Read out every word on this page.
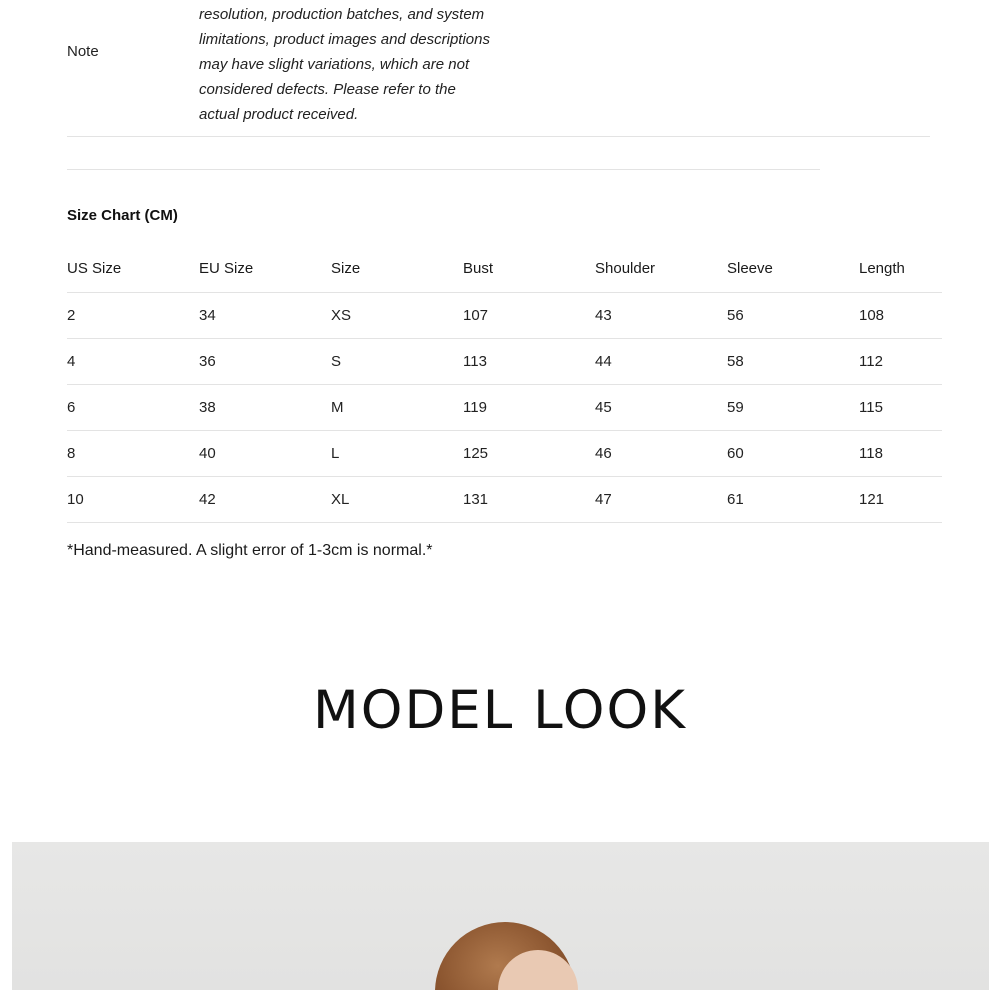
Note
resolution, production batches, and system
limitations, product images and descriptions
may have slight variations, which are not
considered defects. Please refer to the
actual product received.
Size Chart (CM)
US Size	EU Size	Size	Bust	Shoulder	Sleeve	Length
2	34	XS	107	43	56	108
4	36	S	113	44	58	112
6	38	M	119	45	59	115
8	40	L	125	46	60	118
10	42	XL	131	47	61	121
*Hand-measured. A slight error of 1-3cm is normal.*
MODEL LOOK
